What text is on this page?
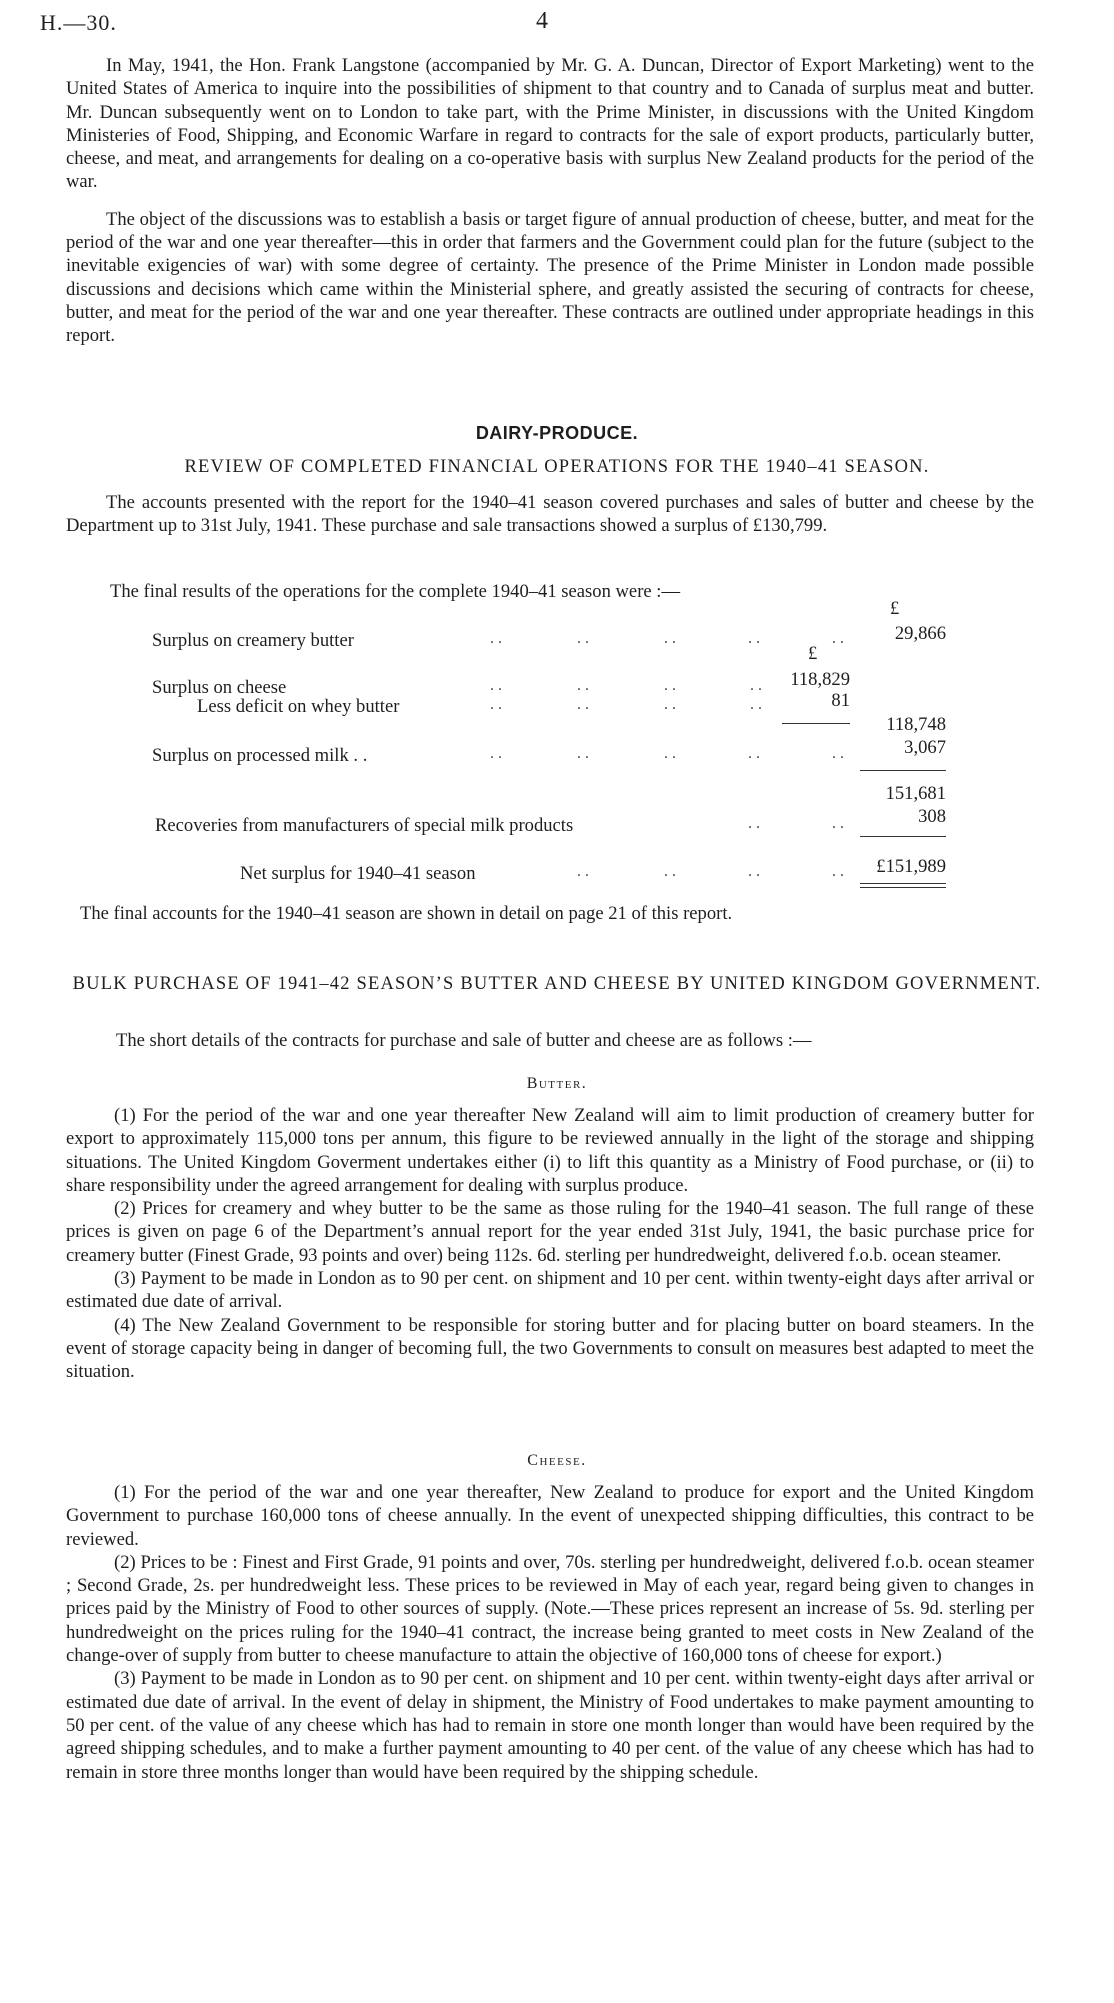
H.—30.	4

In May, 1941, the Hon. Frank Langstone (accompanied by Mr. G. A. Duncan, Director of Export Marketing) went to the United States of America to inquire into the possibilities of shipment to that country and to Canada of surplus meat and butter. Mr. Duncan subsequently went on to London to take part, with the Prime Minister, in discussions with the United Kingdom Ministeries of Food, Shipping, and Economic Warfare in regard to contracts for the sale of export products, particularly butter, cheese, and meat, and arrangements for dealing on a co-operative basis with surplus New Zealand products for the period of the war.

The object of the discussions was to establish a basis or target figure of annual production of cheese, butter, and meat for the period of the war and one year thereafter—this in order that farmers and the Government could plan for the future (subject to the inevitable exigencies of war) with some degree of certainty. The presence of the Prime Minister in London made possible discussions and decisions which came within the Ministerial sphere, and greatly assisted the securing of contracts for cheese, butter, and meat for the period of the war and one year thereafter. These contracts are outlined under appropriate headings in this report.

DAIRY-PRODUCE.
REVIEW OF COMPLETED FINANCIAL OPERATIONS FOR THE 1940–41 SEASON.

The accounts presented with the report for the 1940–41 season covered purchases and sales of butter and cheese by the Department up to 31st July, 1941. These purchase and sale transactions showed a surplus of £130,799.

The final results of the operations for the complete 1940–41 season were :—
£
Surplus on creamery butter	. .	. .	. .	. .	. .	29,866
£
Surplus on cheese	. .	. .	. .	. . 118,829
Less deficit on whey butter	. .	. .	. .	. .	81
118,748
Surplus on processed milk . .	. .	. .	. .	. .	. .	3,067
151,681
Recoveries from manufacturers of special milk products	. .	. .	308
Net surplus for 1940–41 season	. .	. .	. .	. . £151,989
The final accounts for the 1940–41 season are shown in detail on page 21 of this report.
BULK PURCHASE OF 1941–42 SEASON’S BUTTER AND CHEESE BY UNITED KINGDOM GOVERNMENT.
The short details of the contracts for purchase and sale of butter and cheese are as follows :—
Butter.

(1) For the period of the war and one year thereafter New Zealand will aim to limit production of creamery butter for export to approximately 115,000 tons per annum, this figure to be reviewed annually in the light of the storage and shipping situations. The United Kingdom Goverment undertakes either (i) to lift this quantity as a Ministry of Food purchase, or (ii) to share responsibility under the agreed arrangement for dealing with surplus produce.

(2) Prices for creamery and whey butter to be the same as those ruling for the 1940–41 season. The full range of these prices is given on page 6 of the Department’s annual report for the year ended 31st July, 1941, the basic purchase price for creamery butter (Finest Grade, 93 points and over) being 112s. 6d. sterling per hundredweight, delivered f.o.b. ocean steamer.

(3) Payment to be made in London as to 90 per cent. on shipment and 10 per cent. within twenty-eight days after arrival or estimated due date of arrival.

(4) The New Zealand Government to be responsible for storing butter and for placing butter on board steamers. In the event of storage capacity being in danger of becoming full, the two Governments to consult on measures best adapted to meet the situation.

Cheese.

(1) For the period of the war and one year thereafter, New Zealand to produce for export and the United Kingdom Government to purchase 160,000 tons of cheese annually. In the event of unexpected shipping difficulties, this contract to be reviewed.

(2) Prices to be : Finest and First Grade, 91 points and over, 70s. sterling per hundredweight, delivered f.o.b. ocean steamer ; Second Grade, 2s. per hundredweight less. These prices to be reviewed in May of each year, regard being given to changes in prices paid by the Ministry of Food to other sources of supply. (Note.—These prices represent an increase of 5s. 9d. sterling per hundredweight on the prices ruling for the 1940–41 contract, the increase being granted to meet costs in New Zealand of the change-over of supply from butter to cheese manufacture to attain the objective of 160,000 tons of cheese for export.)

(3) Payment to be made in London as to 90 per cent. on shipment and 10 per cent. within twenty-eight days after arrival or estimated due date of arrival. In the event of delay in shipment, the Ministry of Food undertakes to make payment amounting to 50 per cent. of the value of any cheese which has had to remain in store one month longer than would have been required by the agreed shipping schedules, and to make a further payment amounting to 40 per cent. of the value of any cheese which has had to remain in store three months longer than would have been required by the shipping schedule.
